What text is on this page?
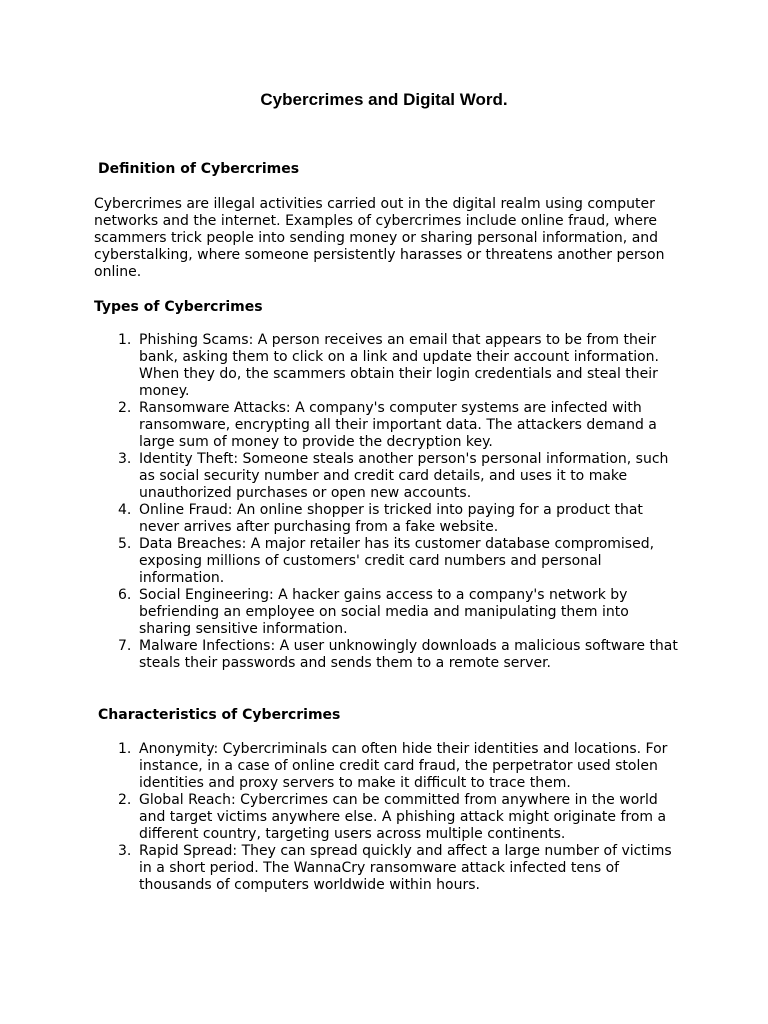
Cybercrimes and Digital Word.

Definition of Cybercrimes

Cybercrimes are illegal activities carried out in the digital realm using computer networks and the internet. Examples of cybercrimes include online fraud, where scammers trick people into sending money or sharing personal information, and cyberstalking, where someone persistently harasses or threatens another person online.

Types of Cybercrimes

1. Phishing Scams: A person receives an email that appears to be from their bank, asking them to click on a link and update their account information. When they do, the scammers obtain their login credentials and steal their money.
2. Ransomware Attacks: A company's computer systems are infected with ransomware, encrypting all their important data. The attackers demand a large sum of money to provide the decryption key.
3. Identity Theft: Someone steals another person's personal information, such as social security number and credit card details, and uses it to make unauthorized purchases or open new accounts.
4. Online Fraud: An online shopper is tricked into paying for a product that never arrives after purchasing from a fake website.
5. Data Breaches: A major retailer has its customer database compromised, exposing millions of customers' credit card numbers and personal information.
6. Social Engineering: A hacker gains access to a company's network by befriending an employee on social media and manipulating them into sharing sensitive information.
7. Malware Infections: A user unknowingly downloads a malicious software that steals their passwords and sends them to a remote server.

Characteristics of Cybercrimes

1. Anonymity: Cybercriminals can often hide their identities and locations. For instance, in a case of online credit card fraud, the perpetrator used stolen identities and proxy servers to make it difficult to trace them.
2. Global Reach: Cybercrimes can be committed from anywhere in the world and target victims anywhere else. A phishing attack might originate from a different country, targeting users across multiple continents.
3. Rapid Spread: They can spread quickly and affect a large number of victims in a short period. The WannaCry ransomware attack infected tens of thousands of computers worldwide within hours.
